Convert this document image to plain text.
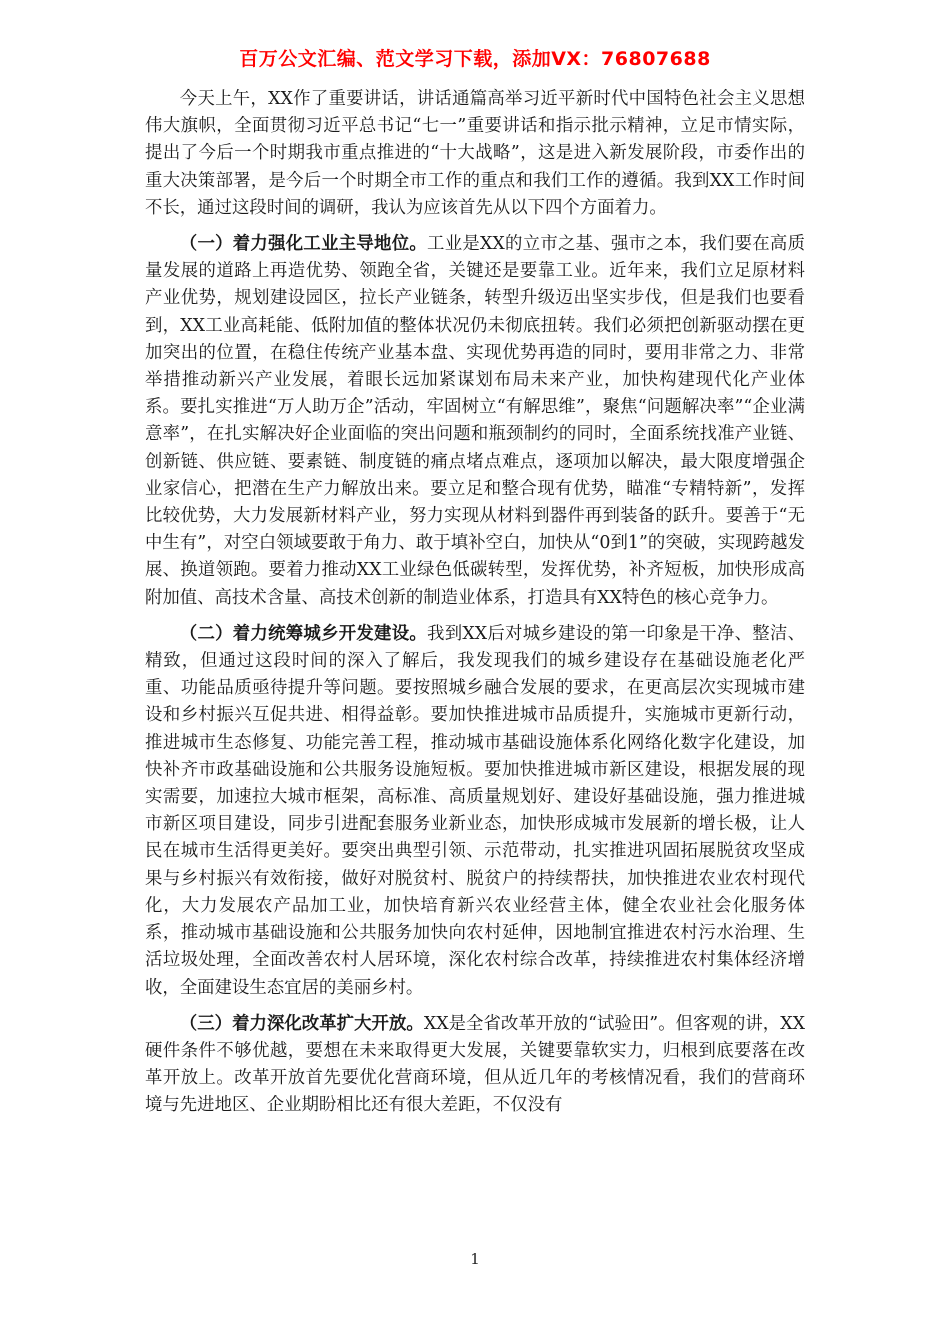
百万公文汇编、范文学习下载，添加VX：76807688

今天上午，XX作了重要讲话，讲话通篇高举习近平新时代中国特色社会主义思想伟大旗帜，全面贯彻习近平总书记“七一”重要讲话和指示批示精神，立足市情实际，提出了今后一个时期我市重点推进的“十大战略”，这是进入新发展阶段，市委作出的重大决策部署，是今后一个时期全市工作的重点和我们工作的遵循。我到XX工作时间不长，通过这段时间的调研，我认为应该首先从以下四个方面着力。

（一）着力强化工业主导地位。工业是XX的立市之基、强市之本，我们要在高质量发展的道路上再造优势、领跑全省，关键还是要靠工业。近年来，我们立足原材料产业优势，规划建设园区，拉长产业链条，转型升级迈出坚实步伐，但是我们也要看到，XX工业高耗能、低附加值的整体状况仍未彻底扭转。我们必须把创新驱动摆在更加突出的位置，在稳住传统产业基本盘、实现优势再造的同时，要用非常之力、非常举措推动新兴产业发展，着眼长远加紧谋划布局未来产业，加快构建现代化产业体系。要扎实推进“万人助万企”活动，牢固树立“有解思维”，聚焦“问题解决率”“企业满意率”，在扎实解决好企业面临的突出问题和瓶颈制约的同时，全面系统找准产业链、创新链、供应链、要素链、制度链的痛点堵点难点，逐项加以解决，最大限度增强企业家信心，把潜在生产力解放出来。要立足和整合现有优势，瞄准“专精特新”，发挥比较优势，大力发展新材料产业，努力实现从材料到器件再到装备的跃升。要善于“无中生有”，对空白领域要敢于角力、敢于填补空白，加快从“0到1”的突破，实现跨越发展、换道领跑。要着力推动XX工业绿色低碳转型，发挥优势，补齐短板，加快形成高附加值、高技术含量、高技术创新的制造业体系，打造具有XX特色的核心竞争力。

（二）着力统筹城乡开发建设。我到XX后对城乡建设的第一印象是干净、整洁、精致，但通过这段时间的深入了解后，我发现我们的城乡建设存在基础设施老化严重、功能品质亟待提升等问题。要按照城乡融合发展的要求，在更高层次实现城市建设和乡村振兴互促共进、相得益彰。要加快推进城市品质提升，实施城市更新行动，推进城市生态修复、功能完善工程，推动城市基础设施体系化网络化数字化建设，加快补齐市政基础设施和公共服务设施短板。要加快推进城市新区建设，根据发展的现实需要，加速拉大城市框架，高标准、高质量规划好、建设好基础设施，强力推进城市新区项目建设，同步引进配套服务业新业态，加快形成城市发展新的增长极，让人民在城市生活得更美好。要突出典型引领、示范带动，扎实推进巩固拓展脱贫攻坚成果与乡村振兴有效衔接，做好对脱贫村、脱贫户的持续帮扶，加快推进农业农村现代化，大力发展农产品加工业，加快培育新兴农业经营主体，健全农业社会化服务体系，推动城市基础设施和公共服务加快向农村延伸，因地制宜推进农村污水治理、生活垃圾处理，全面改善农村人居环境，深化农村综合改革，持续推进农村集体经济增收，全面建设生态宜居的美丽乡村。

（三）着力深化改革扩大开放。XX是全省改革开放的“试验田”。但客观的讲，XX硬件条件不够优越，要想在未来取得更大发展，关键要靠软实力，归根到底要落在改革开放上。改革开放首先要优化营商环境，但从近几年的考核情况看，我们的营商环境与先进地区、企业期盼相比还有很大差距，不仅没有

1
